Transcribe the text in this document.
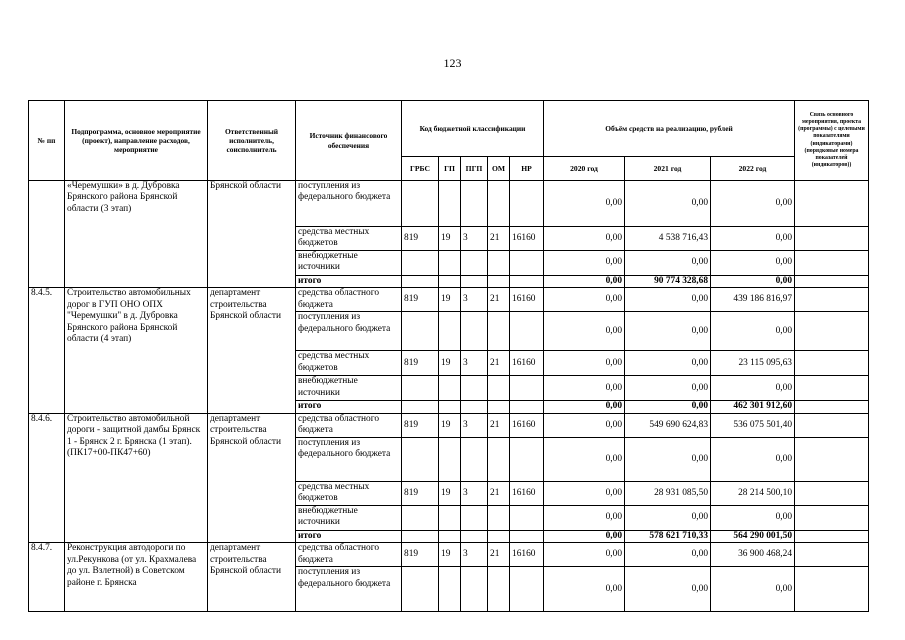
123
№ пп	Подпрограмма, основное мероприятие (проект), направление расходов, мероприятие	Ответственный исполнитель, соисполнитель	Источник финансового обеспечения	Код бюджетной классификации					Объём средств на реализацию, рублей			Связь основного мероприятия, проекта (программы) с целевыми показателями (индикаторами) (порядковые номера показателей (индикаторов))
				ГРБС	ГП	ПГП	ОМ	НР	2020 год	2021 год	2022 год	
	«Черемушки» в д. Дубровка Брянского района Брянской области (3 этап)	Брянской области	поступления из федерального бюджета						0,00	0,00	0,00	
			средства местных бюджетов	819	19	3	21	16160	0,00	4 538 716,43	0,00	
			внебюджетные источники						0,00	0,00	0,00	
			итого						0,00	90 774 328,68	0,00	
8.4.5.	Строительство автомобильных дорог в ГУП ОНО ОПХ "Черемушки" в д. Дубровка Брянского района Брянской области (4 этап)	департамент строительства Брянской области	средства областного бюджета	819	19	3	21	16160	0,00	0,00	439 186 816,97	
			поступления из федерального бюджета						0,00	0,00	0,00	
			средства местных бюджетов	819	19	3	21	16160	0,00	0,00	23 115 095,63	
			внебюджетные источники						0,00	0,00	0,00	
			итого						0,00	0,00	462 301 912,60	
8.4.6.	Строительство автомобильной дороги - защитной дамбы Брянск 1 - Брянск 2 г. Брянска (1 этап). (ПК17+00-ПК47+60)	департамент строительства Брянской области	средства областного бюджета	819	19	3	21	16160	0,00	549 690 624,83	536 075 501,40	
			поступления из федерального бюджета						0,00	0,00	0,00	
			средства местных бюджетов	819	19	3	21	16160	0,00	28 931 085,50	28 214 500,10	
			внебюджетные источники						0,00	0,00	0,00	
			итого						0,00	578 621 710,33	564 290 001,50	
8.4.7.	Реконструкция автодороги по ул.Рекункова (от ул. Крахмалева до ул. Взлетной) в Советском районе г. Брянска	департамент строительства Брянской области	средства областного бюджета	819	19	3	21	16160	0,00	0,00	36 900 468,24	
			поступления из федерального бюджета						0,00	0,00	0,00	
